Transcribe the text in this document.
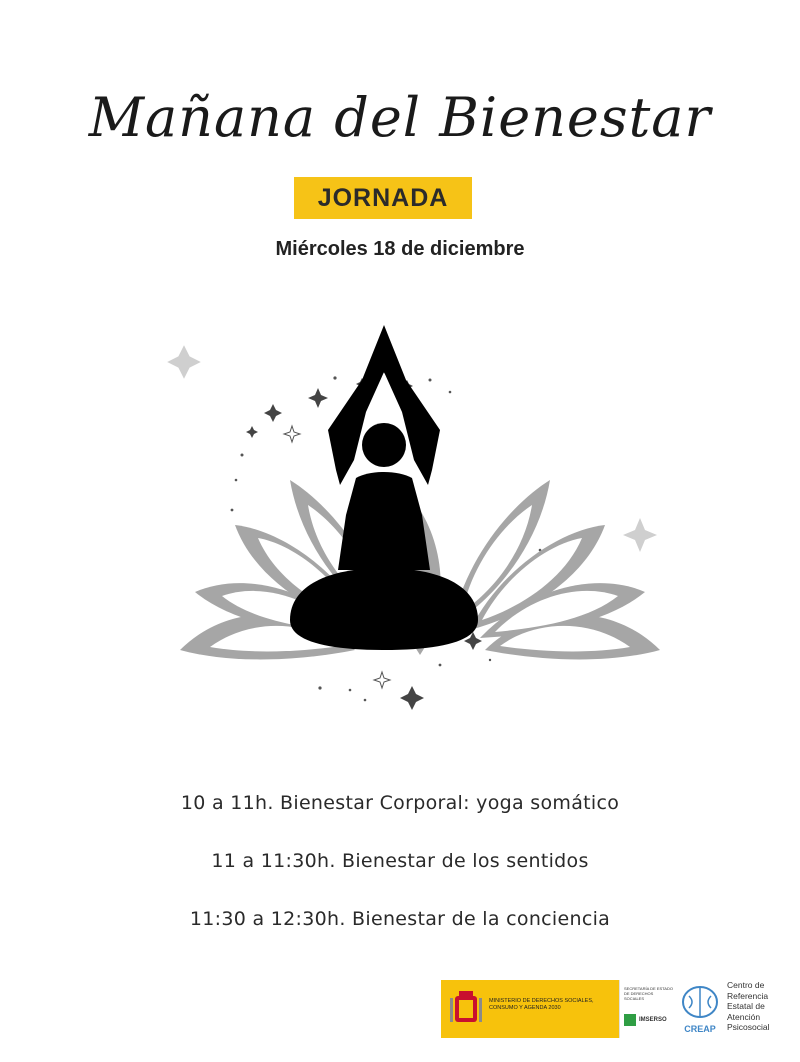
Mañana del Bienestar
JORNADA
Miércoles 18 de diciembre
10 a 11h. Bienestar Corporal: yoga somático
11 a 11:30h. Bienestar de los sentidos
11:30 a 12:30h. Bienestar de la conciencia
MINISTERIO DE DERECHOS SOCIALES, CONSUMO Y AGENDA 2030
SECRETARÍA DE ESTADO DE DERECHOS SOCIALES
IMSERSO
CREAP
Centro de
Referencia
Estatal de
Atención
Psicosocial
